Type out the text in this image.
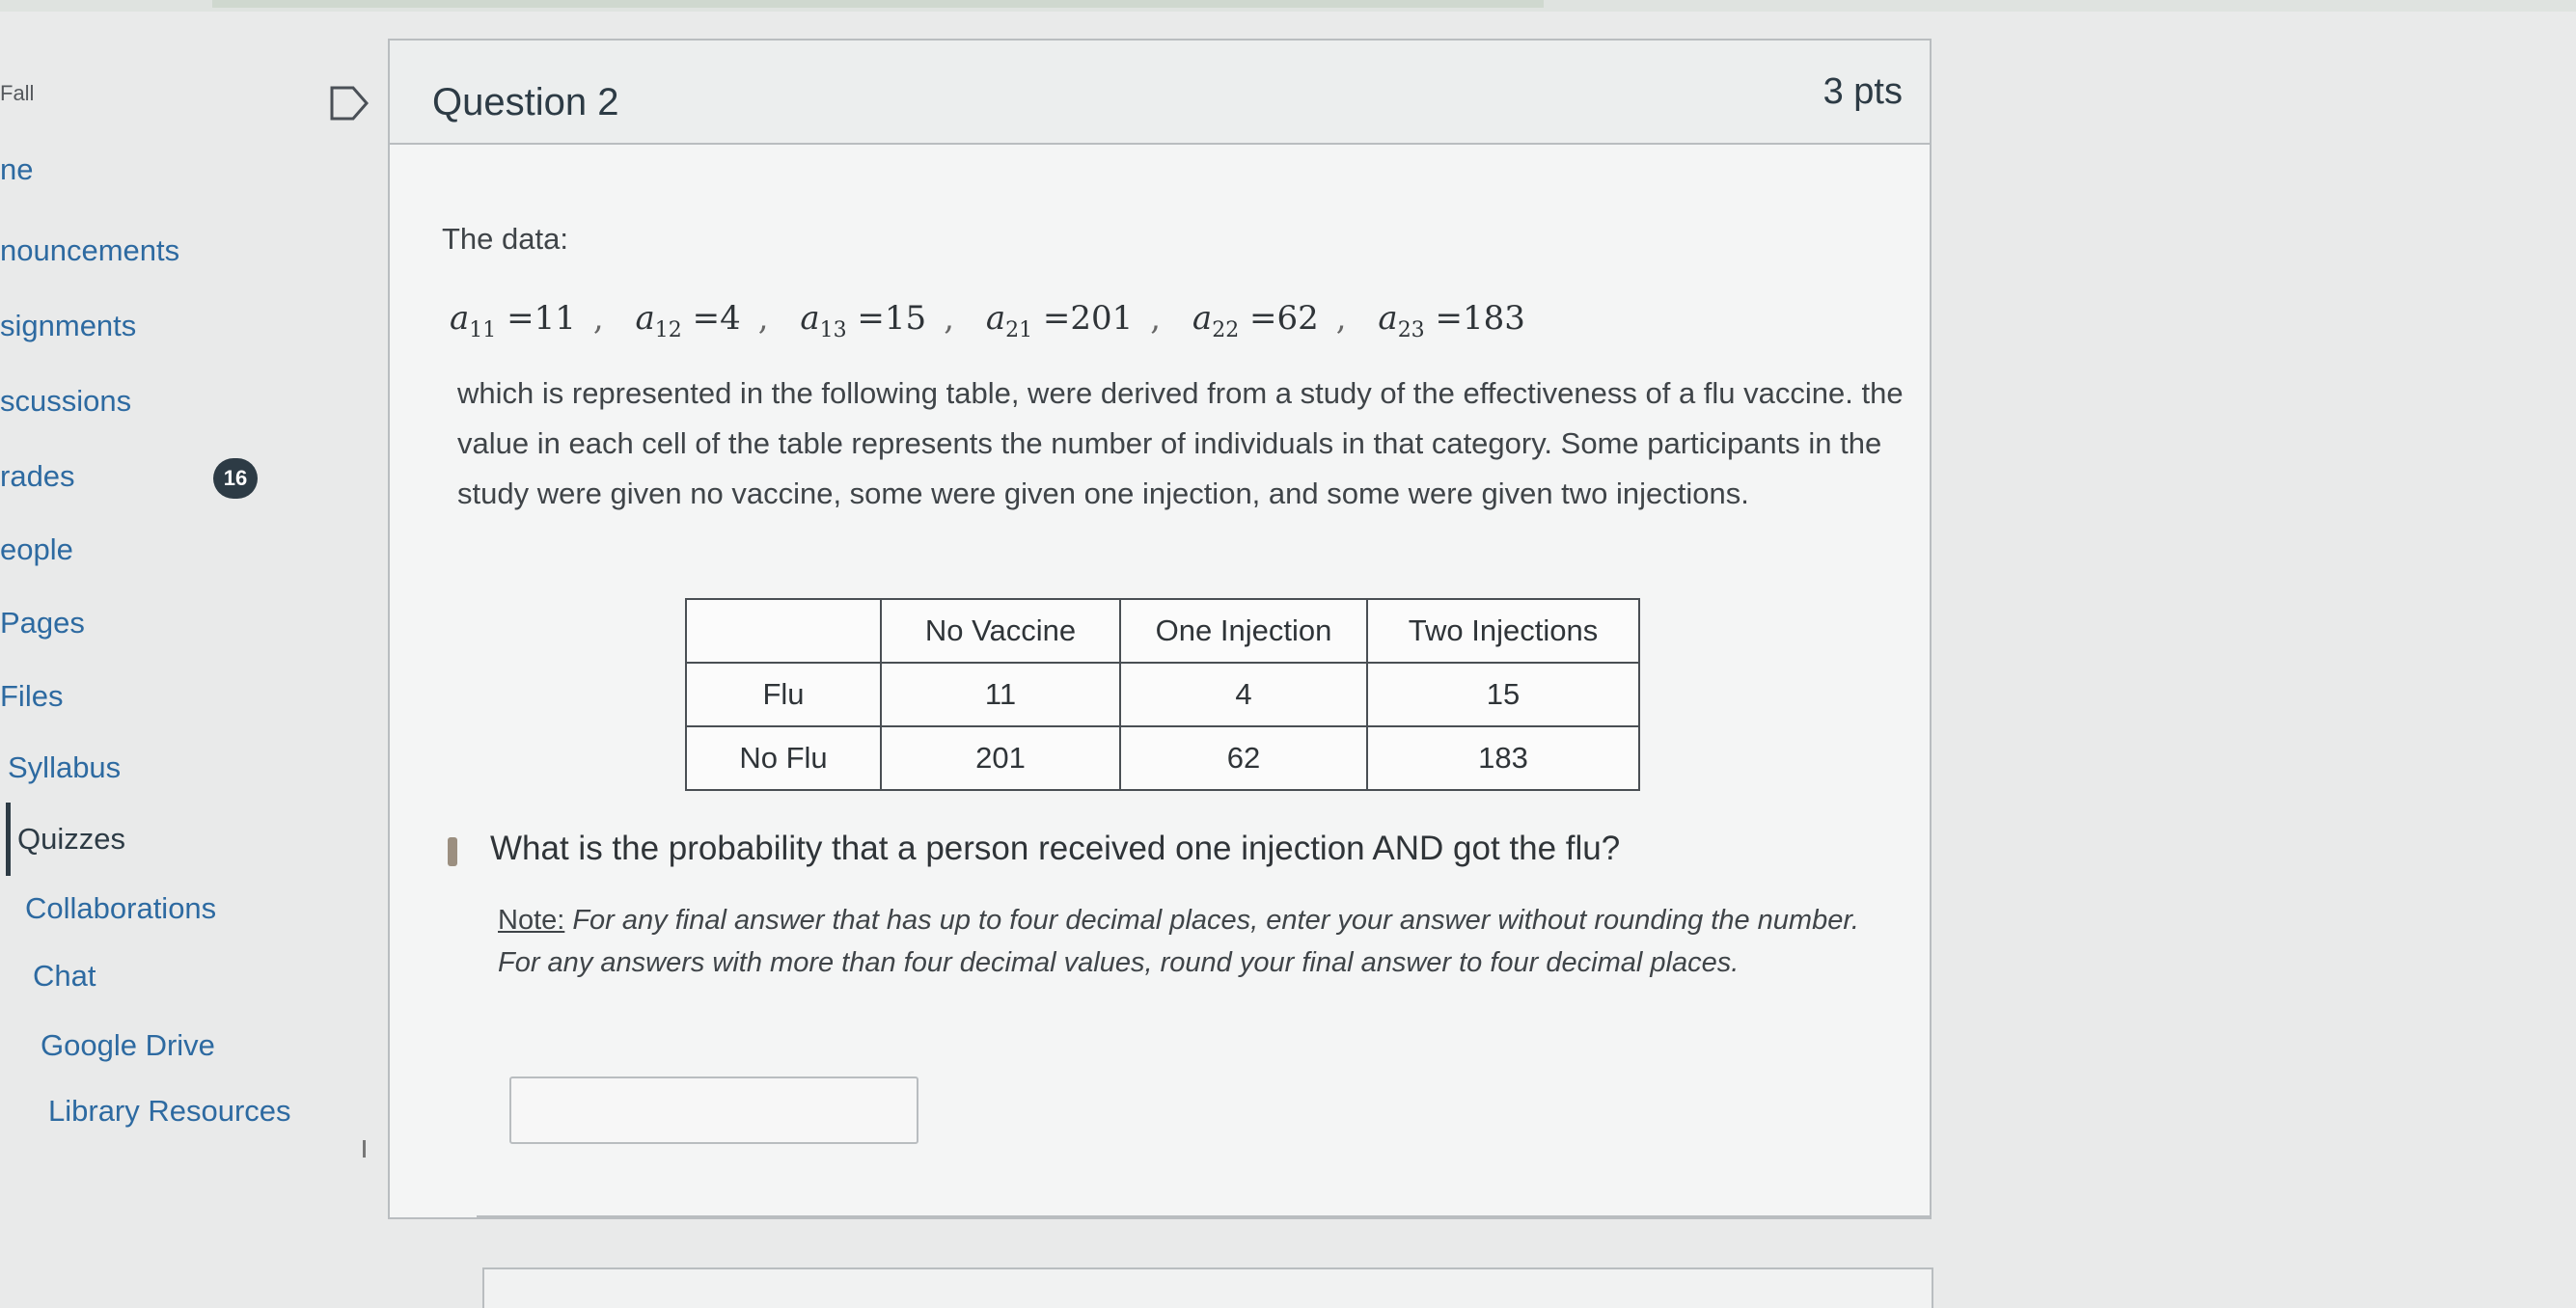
Fall
ne
nouncements
signments
scussions
rades	16
eople
Pages
Files
Syllabus
Quizzes
Collaborations
Chat
Google Drive
Library Resources
Question 2	3 pts
The data:
$a_{11} =11$ , $a_{12} =4$ , $a_{13} =15$ , $a_{21} =201$ , $a_{22} =62$ , $a_{23} =183$
which is represented in the following table, were derived from a study of the effectiveness of a flu vaccine. the value in each cell of the table represents the number of individuals in that category. Some participants in the study were given no vaccine, some were given one injection, and some were given two injections.
	No Vaccine	One Injection	Two Injections
Flu	11	4	15
No Flu	201	62	183
What is the probability that a person received one injection AND got the flu?
Note: For any final answer that has up to four decimal places, enter your answer without rounding the number. For any answers with more than four decimal values, round your final answer to four decimal places.
